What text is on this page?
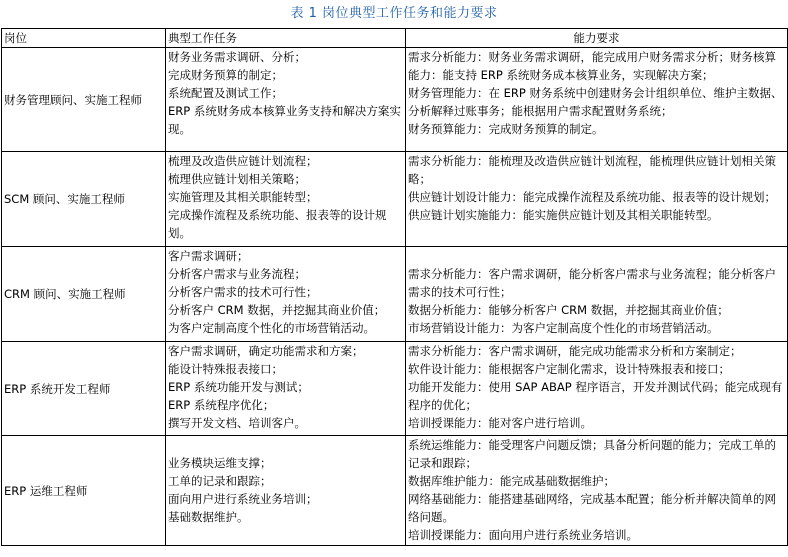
表 1 岗位典型工作任务和能力要求
岗位	典型工作任务	能力要求
财务管理顾问、实施工程师	财务业务需求调研、分析；
完成财务预算的制定；
系统配置及测试工作；
ERP 系统财务成本核算业务支持和解决方案实现。	需求分析能力：财务业务需求调研，能完成用户财务需求分析；财务核算能力：能支持 ERP 系统财务成本核算业务，实现解决方案；
财务管理能力：在 ERP 财务系统中创建财务会计组织单位、维护主数据、分析解释过账事务；能根据用户需求配置财务系统；
财务预算能力：完成财务预算的制定。

SCM 顾问、实施工程师	梳理及改造供应链计划流程；
梳理供应链计划相关策略；
实施管理及其相关职能转型；
完成操作流程及系统功能、报表等的设计规划。	需求分析能力：能梳理及改造供应链计划流程，能梳理供应链计划相关策略；
供应链计划设计能力：能完成操作流程及系统功能、报表等的设计规划；
供应链计划实施能力：能实施供应链计划及其相关职能转型。

CRM 顾问、实施工程师	客户需求调研；
分析客户需求与业务流程；
分析客户需求的技术可行性；
分析客户 CRM 数据，并挖掘其商业价值；
为客户定制高度个性化的市场营销活动。	需求分析能力：客户需求调研，能分析客户需求与业务流程；能分析客户需求的技术可行性；
数据分析能力：能够分析客户 CRM 数据，并挖掘其商业价值；
市场营销设计能力：为客户定制高度个性化的市场营销活动。

ERP 系统开发工程师	客户需求调研，确定功能需求和方案；
能设计特殊报表接口；
ERP 系统功能开发与测试；
ERP 系统程序优化；
撰写开发文档、培训客户。	需求分析能力：客户需求调研，能完成功能需求分析和方案制定；
软件设计能力：能根据客户定制化需求，设计特殊报表和接口；
功能开发能力：使用 SAP ABAP 程序语言，开发并测试代码；能完成现有程序的优化；
培训授课能力：能对客户进行培训。

ERP 运维工程师	业务模块运维支撑；
工单的记录和跟踪；
面向用户进行系统业务培训；
基础数据维护。	系统运维能力：能受理客户问题反馈；具备分析问题的能力；完成工单的记录和跟踪；
数据库维护能力：能完成基础数据维护；
网络基础能力：能搭建基础网络，完成基本配置；能分析并解决简单的网络问题。
培训授课能力：面向用户进行系统业务培训。
